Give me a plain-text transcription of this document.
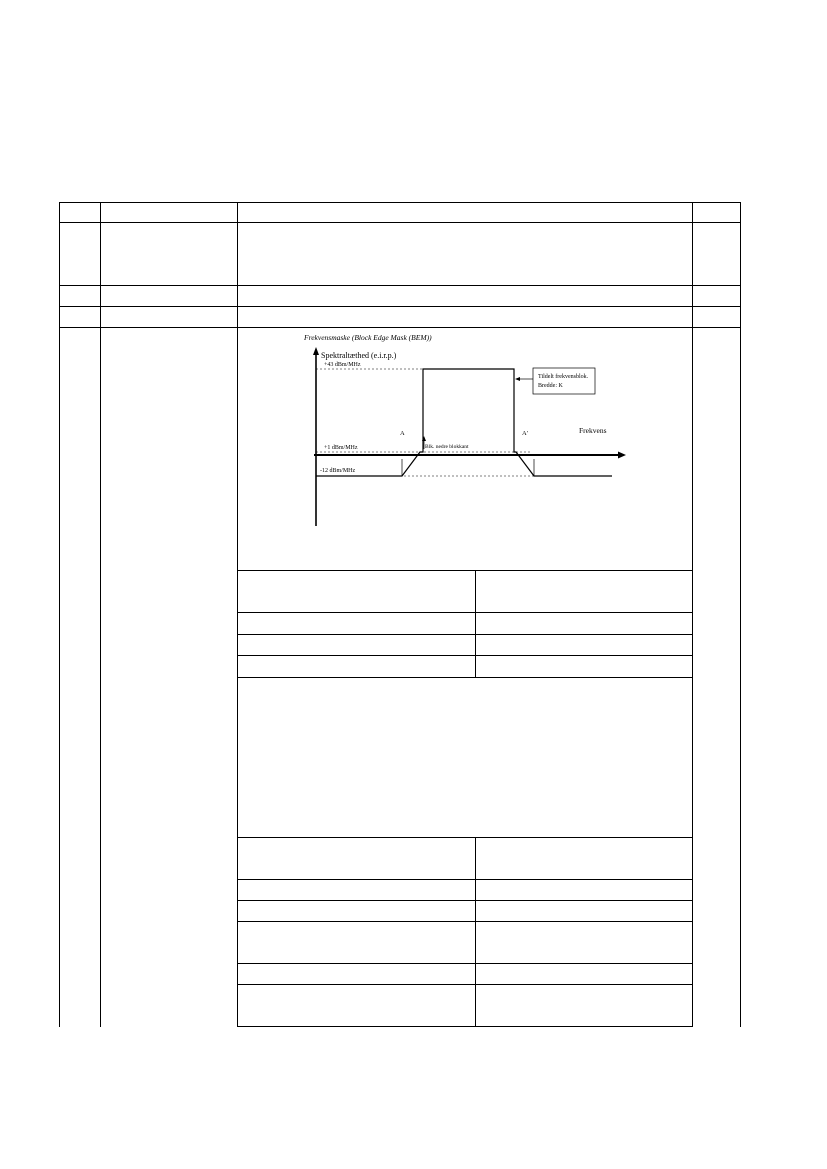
Frekvensmaske (Block Edge Mask (BEM))
Spektraltæthed (e.i.r.p.)
Frekvens
+43 dBm/MHz
+1 dBm/MHz
-12 dBm/MHz
A	A'
Tildelt frekvensblok.
Bredde: K
Blk. nedre blokkant
